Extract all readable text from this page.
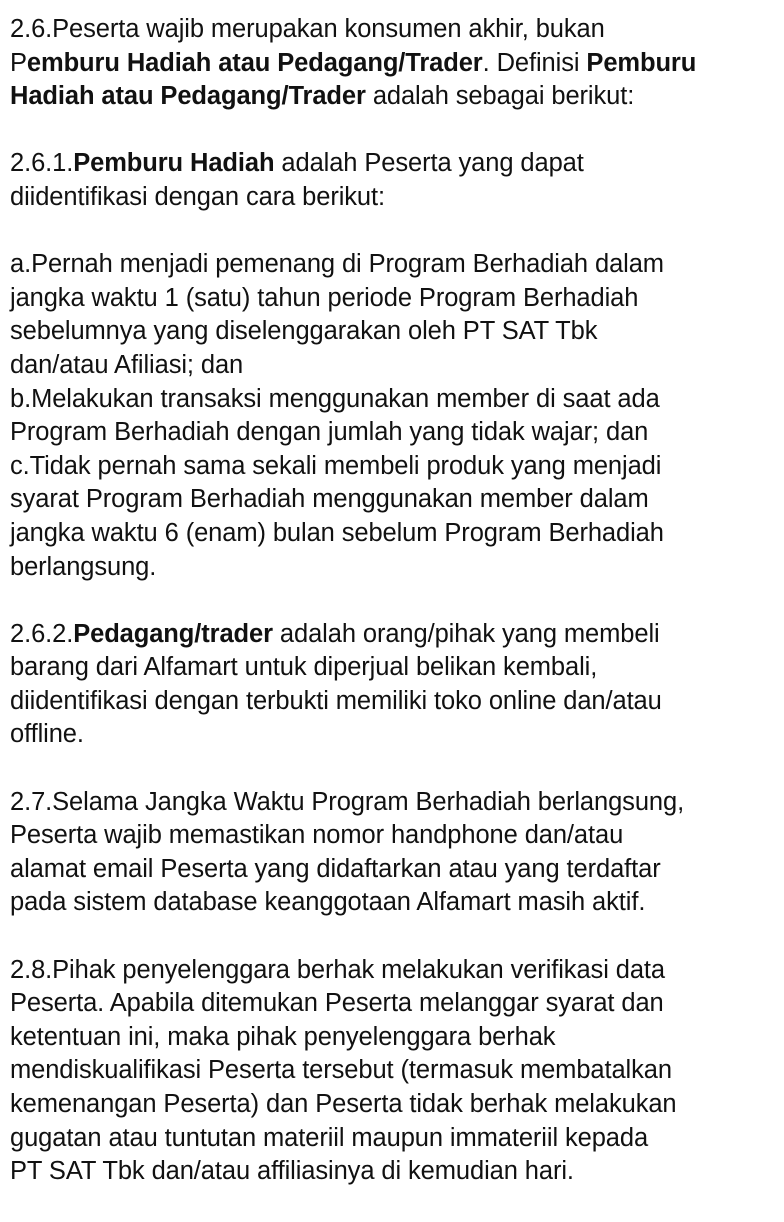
2.6.Peserta wajib merupakan konsumen akhir, bukan
Pemburu Hadiah atau Pedagang/Trader. Definisi Pemburu
Hadiah atau Pedagang/Trader adalah sebagai berikut:
2.6.1.Pemburu Hadiah adalah Peserta yang dapat
diidentifikasi dengan cara berikut:
a.Pernah menjadi pemenang di Program Berhadiah dalam
jangka waktu 1 (satu) tahun periode Program Berhadiah
sebelumnya yang diselenggarakan oleh PT SAT Tbk
dan/atau Afiliasi; dan
b.Melakukan transaksi menggunakan member di saat ada
Program Berhadiah dengan jumlah yang tidak wajar; dan
c.Tidak pernah sama sekali membeli produk yang menjadi
syarat Program Berhadiah menggunakan member dalam
jangka waktu 6 (enam) bulan sebelum Program Berhadiah
berlangsung.
2.6.2.Pedagang/trader adalah orang/pihak yang membeli
barang dari Alfamart untuk diperjual belikan kembali,
diidentifikasi dengan terbukti memiliki toko online dan/atau
offline.
2.7.Selama Jangka Waktu Program Berhadiah berlangsung,
Peserta wajib memastikan nomor handphone dan/atau
alamat email Peserta yang didaftarkan atau yang terdaftar
pada sistem database keanggotaan Alfamart masih aktif.
2.8.Pihak penyelenggara berhak melakukan verifikasi data
Peserta. Apabila ditemukan Peserta melanggar syarat dan
ketentuan ini, maka pihak penyelenggara berhak
mendiskualifikasi Peserta tersebut (termasuk membatalkan
kemenangan Peserta) dan Peserta tidak berhak melakukan
gugatan atau tuntutan materiil maupun immateriil kepada
PT SAT Tbk dan/atau affiliasinya di kemudian hari.
